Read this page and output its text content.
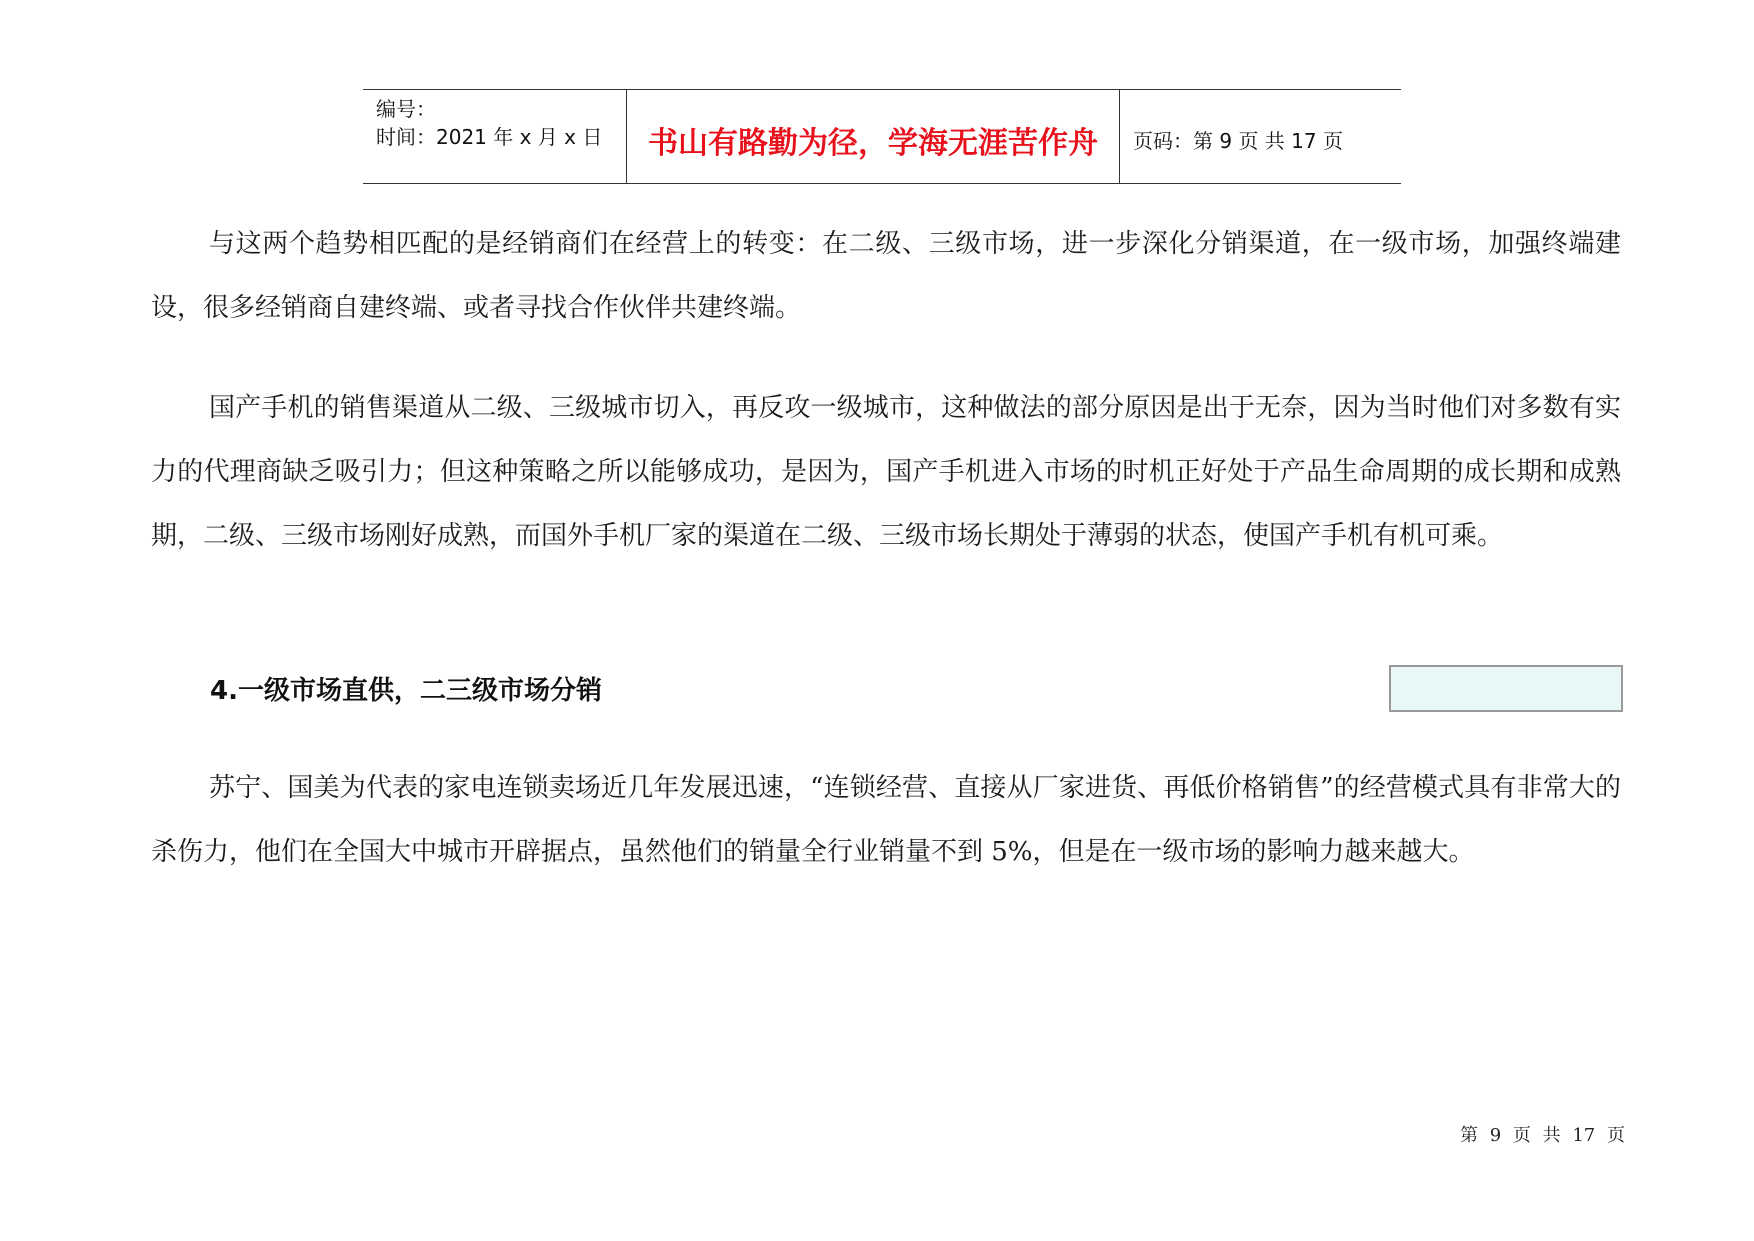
编号：
时间：2021 年 x 月 x 日	书山有路勤为径，学海无涯苦作舟	页码：第 9 页 共 17 页

与这两个趋势相匹配的是经销商们在经营上的转变：在二级、三级市场，进一步深化分销渠道，在一级市场，加强终端建设，很多经销商自建终端、或者寻找合作伙伴共建终端。

国产手机的销售渠道从二级、三级城市切入，再反攻一级城市，这种做法的部分原因是出于无奈，因为当时他们对多数有实力的代理商缺乏吸引力；但这种策略之所以能够成功，是因为，国产手机进入市场的时机正好处于产品生命周期的成长期和成熟期，二级、三级市场刚好成熟，而国外手机厂家的渠道在二级、三级市场长期处于薄弱的状态，使国产手机有机可乘。

4.一级市场直供，二三级市场分销

苏宁、国美为代表的家电连锁卖场近几年发展迅速，“连锁经营、直接从厂家进货、再低价格销售”的经营模式具有非常大的杀伤力，他们在全国大中城市开辟据点，虽然他们的销量全行业销量不到 5%，但是在一级市场的影响力越来越大。

第 9 页 共 17 页
